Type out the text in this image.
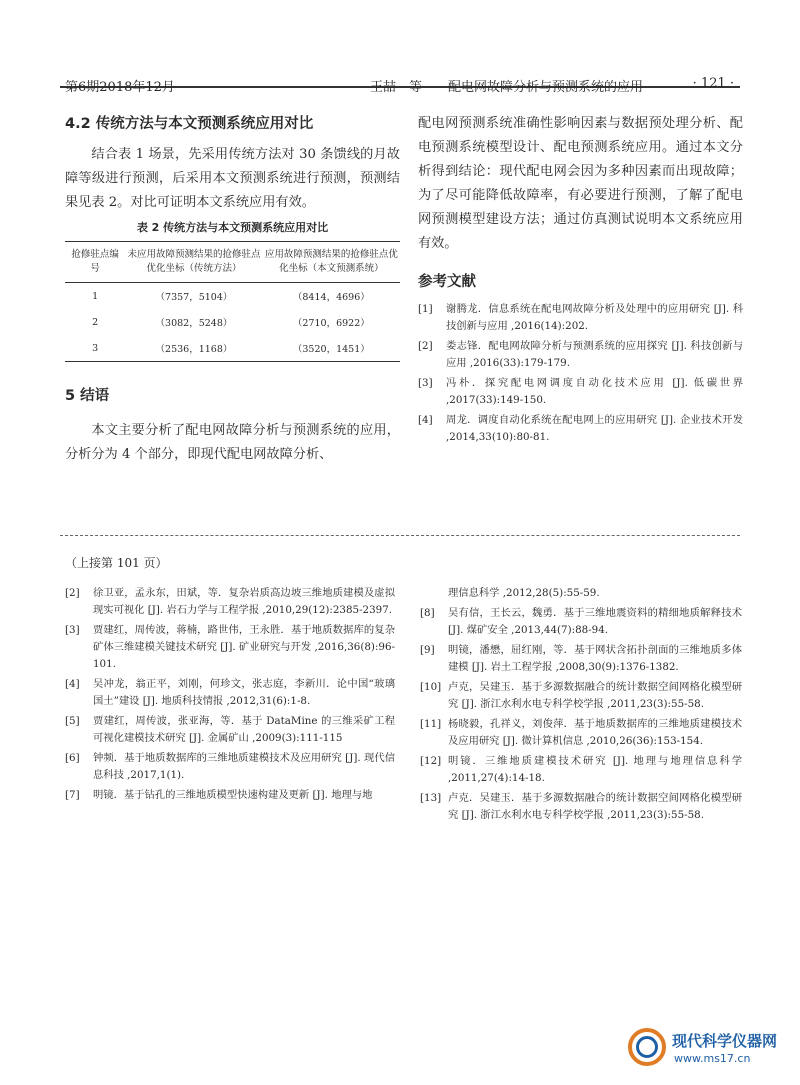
第6期2018年12月	王喆　等　　 配电网故障分析与预测系统的应用	· 121 ·
4.2 传统方法与本文预测系统应用对比

结合表 1 场景，先采用传统方法对 30 条馈线的月故障等级进行预测，后采用本文预测系统进行预测，预测结果见表 2。对比可证明本文系统应用有效。

表 2 传统方法与本文预测系统应用对比
抢修驻点编号	未应用故障预测结果的抢修驻点优化坐标（传统方法）	应用故障预测结果的抢修驻点优化坐标（本文预测系统）
1	（7357，5104）	（8414，4696）
2	（3082，5248）	（2710，6922）
3	（2536，1168）	（3520，1451）
5 结语

本文主要分析了配电网故障分析与预测系统的应用，分析分为 4 个部分，即现代配电网故障分析、

配电网预测系统准确性影响因素与数据预处理分析、配电预测系统模型设计、配电预测系统应用。通过本文分析得到结论：现代配电网会因为多种因素而出现故障；为了尽可能降低故障率，有必要进行预测，了解了配电网预测模型建设方法；通过仿真测试说明本文系统应用有效。

参考文献
[1]	谢腾龙．信息系统在配电网故障分析及处理中的应用研究 [J]. 科技创新与应用 ,2016(14):202.
[2]	娄志锋．配电网故障分析与预测系统的应用探究 [J]. 科技创新与应用 ,2016(33):179-179.
[3]	冯朴．探究配电网调度自动化技术应用 [J]. 低碳世界 ,2017(33):149-150.
[4]	周龙．调度自动化系统在配电网上的应用研究 [J]. 企业技术开发 ,2014,33(10):80-81.
（上接第 101 页）
[2]	徐卫亚，孟永东，田斌，等．复杂岩质高边坡三维地质建模及虚拟现实可视化 [J]. 岩石力学与工程学报 ,2010,29(12):2385-2397.
[3]	贾建红，周传波，蒋楠，路世伟，王永胜．基于地质数据库的复杂矿体三维建模关键技术研究 [J]. 矿业研究与开发 ,2016,36(8):96-101.
[4]	吴冲龙，翁正平，刘刚，何珍文，张志庭，李新川．论中国“玻璃国土”建设 [J]. 地质科技情报 ,2012,31(6):1-8.
[5]	贾建红，周传波，张亚海，等．基于 DataMine 的三维采矿工程可视化建模技术研究 [J]. 金属矿山 ,2009(3):111-115
[6]	钟频．基于地质数据库的三维地质建模技术及应用研究 [J]. 现代信息科技 ,2017,1(1).
[7]	明镜．基于钻孔的三维地质模型快速构建及更新 [J]. 地理与地
理信息科学 ,2012,28(5):55-59.
[8]	吴有信，王长云，魏勇．基于三维地震资料的精细地质解释技术 [J]. 煤矿安全 ,2013,44(7):88-94.
[9]	明镜，潘懋，屈红刚，等．基于网状含拓扑剖面的三维地质多体建模 [J]. 岩土工程学报 ,2008,30(9):1376-1382.
[10] 卢克，吴建玉．基于多源数据融合的统计数据空间网格化模型研究 [J]. 浙江水利水电专科学校学报 ,2011,23(3):55-58.
[11] 杨晓毅，孔祥义，刘俊萍．基于地质数据库的三维地质建模技术及应用研究 [J]. 微计算机信息 ,2010,26(36):153-154.
[12] 明镜．三维地质建模技术研究 [J]. 地理与地理信息科学 ,2011,27(4):14-18.
[13] 卢克．吴建玉．基于多源数据融合的统计数据空间网格化模型研究 [J]. 浙江水利水电专科学校学报 ,2011,23(3):55-58.
现代科学仪器网
www.ms17.cn
